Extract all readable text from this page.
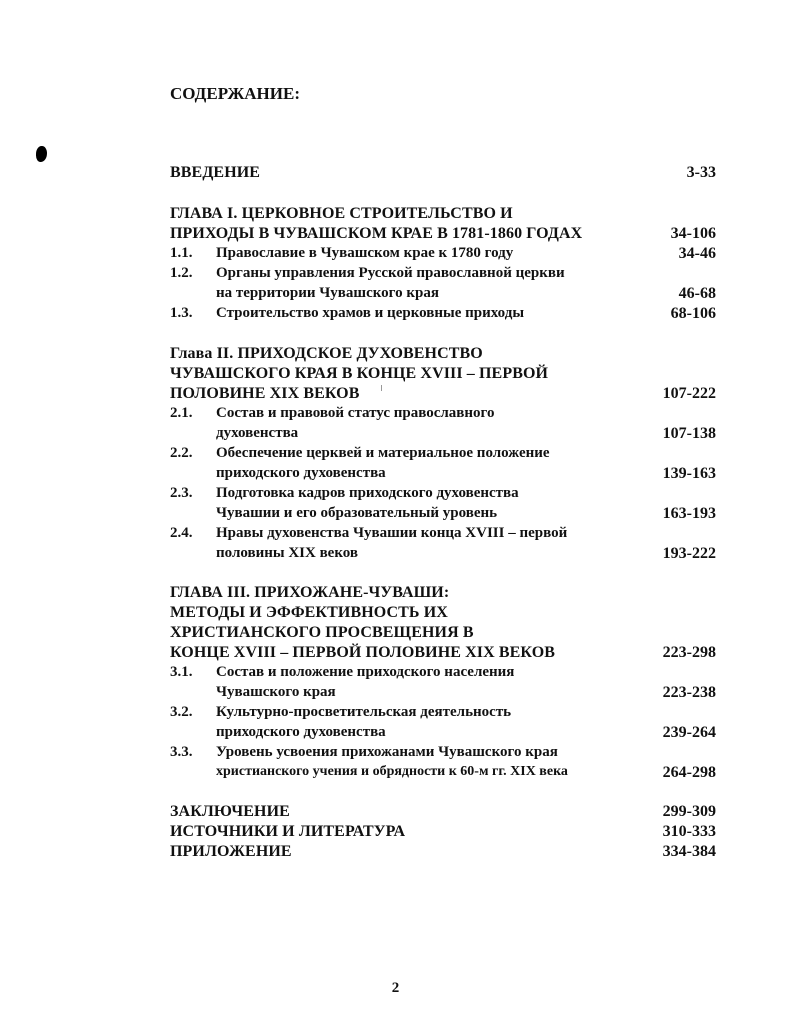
СОДЕРЖАНИЕ:
ВВЕДЕНИЕ	3-33
ГЛАВА I. ЦЕРКОВНОЕ СТРОИТЕЛЬСТВО И
ПРИХОДЫ В ЧУВАШСКОМ КРАЕ В 1781-1860 ГОДАХ	34-106
1.1. Православие в Чувашском крае к 1780 году	34-46
1.2. Органы управления Русской православной церкви
на территории Чувашского края	46-68
1.3. Строительство храмов и церковные приходы	68-106
Глава II. ПРИХОДСКОЕ ДУХОВЕНСТВО
ЧУВАШСКОГО КРАЯ В КОНЦЕ XVIII – ПЕРВОЙ
ПОЛОВИНЕ XIX ВЕКОВ	107-222
2.1. Состав и правовой статус православного
духовенства	107-138
2.2. Обеспечение церквей и материальное положение
приходского духовенства	139-163
2.3. Подготовка кадров приходского духовенства
Чувашии и его образовательный уровень	163-193
2.4. Нравы духовенства Чувашии конца XVIII – первой
половины XIX веков	193-222
ГЛАВА III. ПРИХОЖАНЕ-ЧУВАШИ:
МЕТОДЫ И ЭФФЕКТИВНОСТЬ ИХ
ХРИСТИАНСКОГО ПРОСВЕЩЕНИЯ В
КОНЦЕ XVIII – ПЕРВОЙ ПОЛОВИНЕ XIX ВЕКОВ	223-298
3.1. Состав и положение приходского населения
Чувашского края	223-238
3.2. Культурно-просветительская деятельность
приходского духовенства	239-264
3.3. Уровень усвоения прихожанами Чувашского края
христианского учения и обрядности к 60-м гг. XIX века	264-298
ЗАКЛЮЧЕНИЕ	299-309
ИСТОЧНИКИ И ЛИТЕРАТУРА	310-333
ПРИЛОЖЕНИЕ	334-384
2
